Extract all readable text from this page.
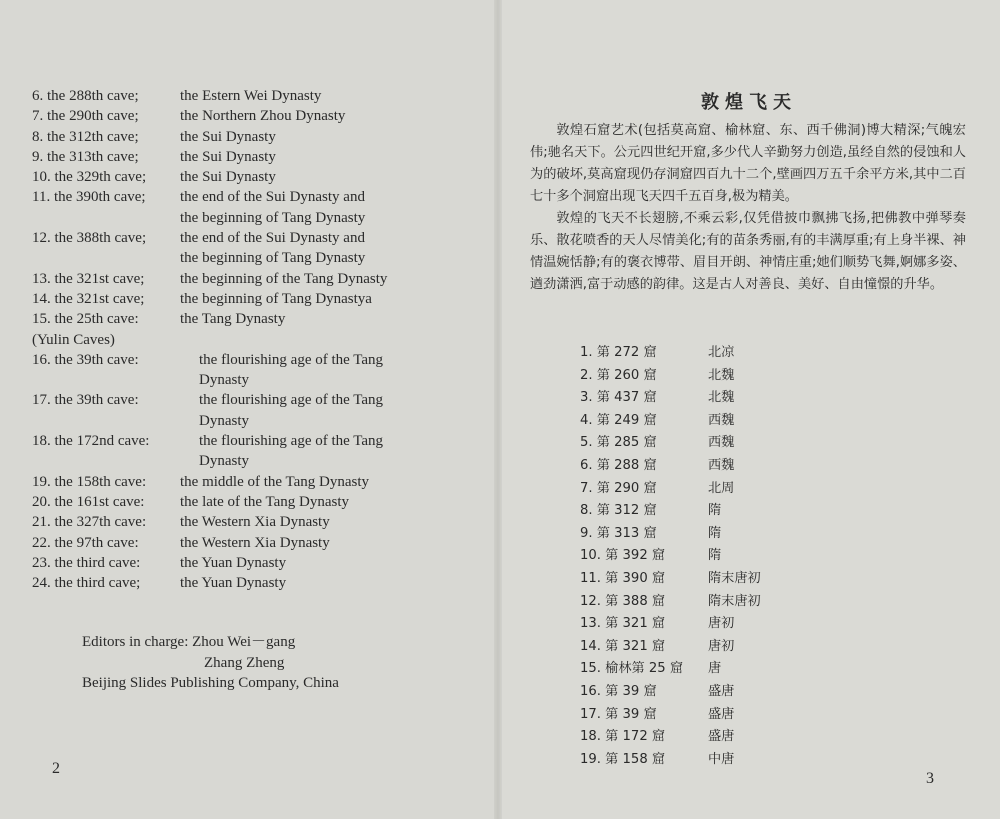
6. the 288th cave;	the Estern Wei Dynasty
7. the 290th cave;	the Northern Zhou Dynasty
8. the 312th cave;	the Sui Dynasty
9. the 313th cave;	the Sui Dynasty
10. the 329th cave; the Sui Dynasty
11. the 390th cave; the end of the Sui Dynasty and
the beginning of Tang Dynasty
12. the 388th cave; the end of the Sui Dynasty and
the beginning of Tang Dynasty
13. the 321st cave; the beginning of the Tang Dynasty
14. the 321st cave; the beginning of Tang Dynastya
15. the 25th cave:	the Tang Dynasty
(Yulin Caves)
16. the 39th cave:	the flourishing age of the Tang
Dynasty
17. the 39th cave:	the flourishing age of the Tang
Dynasty
18. the 172nd cave:	the flourishing age of the Tang
Dynasty
19. the 158th cave: the middle of the Tang Dynasty
20. the 161st cave: the late of the Tang Dynasty
21. the 327th cave: the Western Xia Dynasty
22. the 97th cave:	the Western Xia Dynasty
23. the third cave:	the Yuan Dynasty
24. the third cave;	the Yuan Dynasty
Editors in charge: Zhou Wei－gang
Zhang Zheng
Beijing Slides Publishing Company, China
2
敦煌飞天

敦煌石窟艺术(包括莫高窟、榆林窟、东、西千佛洞)博大精深;气魄宏伟;驰名天下。公元四世纪开窟,多少代人辛勤努力创造,虽经自然的侵蚀和人为的破坏,莫高窟现仍存洞窟四百九十二个,壁画四万五千余平方米,其中二百七十多个洞窟出现飞天四千五百身,极为精美。

敦煌的飞天不长翅膀,不乘云彩,仅凭借披巾飘拂飞扬,把佛教中弹琴奏乐、散花喷香的天人尽情美化;有的苗条秀丽,有的丰满厚重;有上身半裸、神情温婉恬静;有的褒衣博带、眉目开朗、神情庄重;她们顺势飞舞,婀娜多姿、遒劲潇洒,富于动感的韵律。这是古人对善良、美好、自由憧憬的升华。

1. 第 272 窟	北凉
2. 第 260 窟	北魏
3. 第 437 窟	北魏
4. 第 249 窟	西魏
5. 第 285 窟	西魏
6. 第 288 窟	西魏
7. 第 290 窟	北周
8. 第 312 窟	隋
9. 第 313 窟	隋
10. 第 392 窟	隋
11. 第 390 窟	隋末唐初
12. 第 388 窟	隋末唐初
13. 第 321 窟	唐初
14. 第 321 窟	唐初
15. 榆林第 25 窟 唐
16. 第 39 窟	盛唐
17. 第 39 窟	盛唐
18. 第 172 窟	盛唐
19. 第 158 窟	中唐
3
